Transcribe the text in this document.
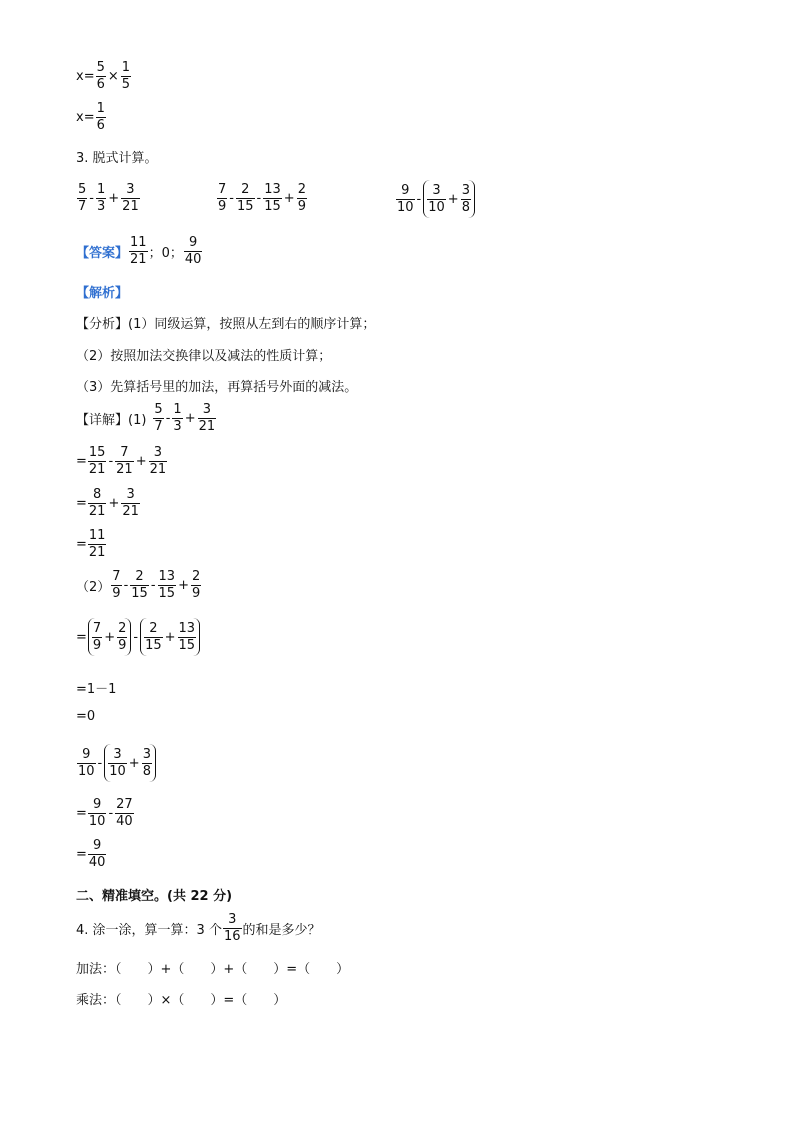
$x= \frac{5}{6} \times \frac{1}{5}$
$x= \frac{1}{6}$
3. 脱式计算。
$\frac{5}{7} - \frac{1}{3} + \frac{3}{21}$	$\frac{7}{9} - \frac{2}{15} - \frac{13}{15} + \frac{2}{9}$	$\frac{9}{10} - \frac{3}{10} + \frac{3}{8}$
【答案】 $\frac{11}{21}$ ；0； $\frac{9}{40}$
【解析】
【分析】(1）同级运算，按照从左到右的顺序计算；
（2）按照加法交换律以及减法的性质计算；
（3）先算括号里的加法，再算括号外面的减法。
【详解】$(1) \frac{5}{7} - \frac{1}{3} + \frac{3}{21}$
= $\frac{15}{21} - \frac{7}{21} + \frac{3}{21}$
= $\frac{8}{21} + \frac{3}{21}$
= $\frac{11}{21}$
$(2) \frac{7}{9} - \frac{2}{15} - \frac{13}{15} + \frac{2}{9}$
= $\frac{7}{9} + \frac{2}{9} - \frac{2}{15} + \frac{13}{15}$
=1－1
=0
$\frac{9}{10} - \frac{3}{10} + \frac{3}{8}$
= $\frac{9}{10} - \frac{27}{40}$
= $\frac{9}{40}$
二、精准填空。(共 22 分)
4. 涂一涂，算一算：3 个 $\frac{3}{16}$ 的和是多少？
加法：（　　）+（　　）+（　　）=（　　）
乘法：（　　）×（　　）=（　　）
